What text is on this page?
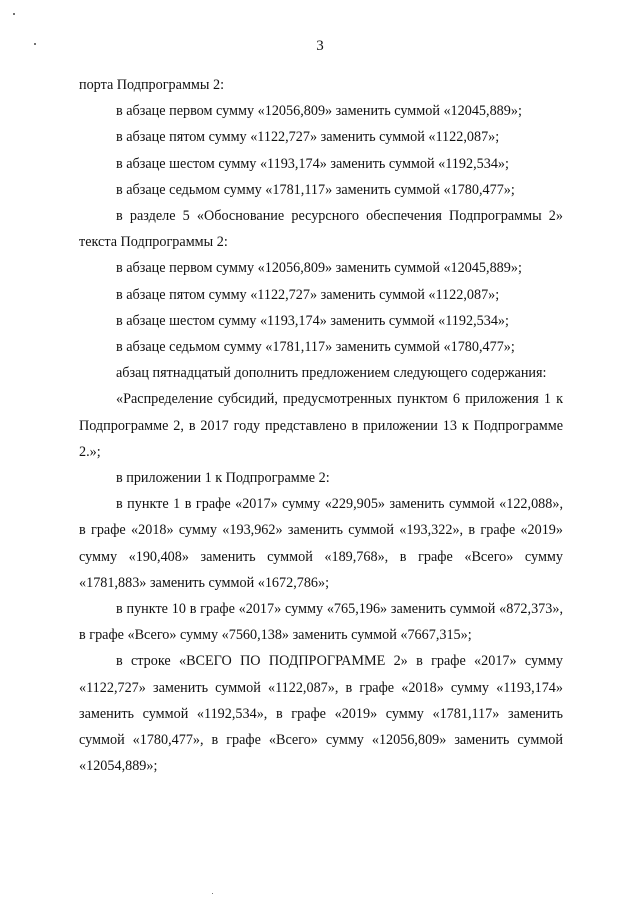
3

порта Подпрограммы 2:

в абзаце первом сумму «12056,809» заменить суммой «12045,889»;

в абзаце пятом сумму «1122,727» заменить суммой «1122,087»;

в абзаце шестом сумму «1193,174» заменить суммой «1192,534»;

в абзаце седьмом сумму «1781,117» заменить суммой «1780,477»;

в разделе 5 «Обоснование ресурсного обеспечения Подпрограммы 2» текста Подпрограммы 2:

в абзаце первом сумму «12056,809» заменить суммой «12045,889»;

в абзаце пятом сумму «1122,727» заменить суммой «1122,087»;

в абзаце шестом сумму «1193,174» заменить суммой «1192,534»;

в абзаце седьмом сумму «1781,117» заменить суммой «1780,477»;

абзац пятнадцатый дополнить предложением следующего содержания:

«Распределение субсидий, предусмотренных пунктом 6 приложения 1 к Подпрограмме 2, в 2017 году представлено в приложении 13 к Подпрограмме 2.»;

в приложении 1 к Подпрограмме 2:

в пункте 1 в графе «2017» сумму «229,905» заменить суммой «122,088», в графе «2018» сумму «193,962» заменить суммой «193,322», в графе «2019» сумму «190,408» заменить суммой «189,768», в графе «Всего» сумму «1781,883» заменить суммой «1672,786»;

в пункте 10 в графе «2017» сумму «765,196» заменить суммой «872,373», в графе «Всего» сумму «7560,138» заменить суммой «7667,315»;

в строке «ВСЕГО ПО ПОДПРОГРАММЕ 2» в графе «2017» сумму «1122,727» заменить суммой «1122,087», в графе «2018» сумму «1193,174» заменить суммой «1192,534», в графе «2019» сумму «1781,117» заменить суммой «1780,477», в графе «Всего» сумму «12056,809» заменить суммой «12054,889»;
